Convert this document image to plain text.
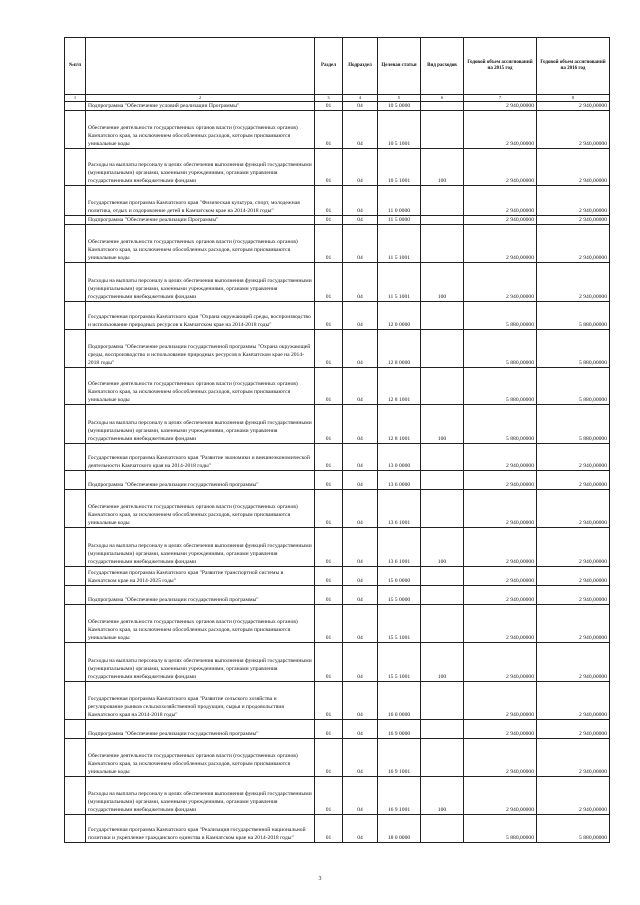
№п/п		Раздел	Подраздел	Целевая статья	Вид расходов	Годовой объем ассигнований на 2015 год	Годовой объем ассигнований на 2016 год
1	2	3	4	5	6	7	8
	Подпрограмма "Обеспечение условий реализации Программы"	01	04	10 5 0000		2 940,00000	2 940,00000
	Обеспечение деятельности государственных органов власти (государственных органов) Камчатского края, за исключением обособленных расходов, которым присваиваются уникальные коды	01	04	10 5 1001		2 940,00000	2 940,00000
	Расходы на выплаты персоналу в целях обеспечения выполнения функций государственными (муниципальными) органами, казенными учреждениями, органами управления государственными внебюджетными фондами	01	04	10 5 1001	100	2 940,00000	2 940,00000
	Государственная программа Камчатского края "Физическая культура, спорт, молодежная политика, отдых и оздоровление детей в Камчатском крае на 2014-2018 годы"	01	04	11 0 0000		2 940,00000	2 940,00000
	Подпрограмма "Обеспечение реализации Программы"	01	04	11 5 0000		2 940,00000	2 940,00000
	Обеспечение деятельности государственных органов власти (государственных органов) Камчатского края, за исключением обособленных расходов, которым присваиваются уникальные коды	01	04	11 5 1001		2 940,00000	2 940,00000
	Расходы на выплаты персоналу в целях обеспечения выполнения функций государственными (муниципальными) органами, казенными учреждениями, органами управления государственными внебюджетными фондами	01	04	11 5 1001	100	2 940,00000	2 940,00000
	Государственная программа Камчатского края "Охрана окружающей среды, воспроизводство и использование природных ресурсов в Камчатском крае на 2014-2018 годы"	01	04	12 0 0000		5 880,00000	5 880,00000
	Подпрограмма "Обеспечение реализации государственной программы "Охрана окружающей среды, воспроизводство и использование природных ресурсов в Камчатском крае на 2014-2018 годы"	01	04	12 8 0000		5 880,00000	5 880,00000
	Обеспечение деятельности государственных органов власти (государственных органов) Камчатского края, за исключением обособленных расходов, которым присваиваются уникальные коды	01	04	12 8 1001		5 880,00000	5 880,00000
	Расходы на выплаты персоналу в целях обеспечения выполнения функций государственными (муниципальными) органами, казенными учреждениями, органами управления государственными внебюджетными фондами	01	04	12 8 1001	100	5 880,00000	5 880,00000
	Государственная программа Камчатского края "Развитие экономики и внешнеэкономической деятельности Камчатского края на 2014-2018 годы"	01	04	13 0 0000		2 940,00000	2 940,00000
	Подпрограмма "Обеспечение реализации государственной программы"	01	04	13 6 0000		2 940,00000	2 940,00000
	Обеспечение деятельности государственных органов власти (государственных органов) Камчатского края, за исключением обособленных расходов, которым присваиваются уникальные коды	01	04	13 6 1001		2 940,00000	2 940,00000
	Расходы на выплаты персоналу в целях обеспечения выполнения функций государственными (муниципальными) органами, казенными учреждениями, органами управления государственными внебюджетными фондами	01	04	13 6 1001	100	2 940,00000	2 940,00000
	Государственная программа Камчатского края "Развитие транспортной системы в Камчатском крае на 2014-2025 годы"	01	04	15 0 0000		2 940,00000	2 940,00000
	Подпрограмма "Обеспечение реализации государственной программы"	01	04	15 5 0000		2 940,00000	2 940,00000
	Обеспечение деятельности государственных органов власти (государственных органов) Камчатского края, за исключением обособленных расходов, которым присваиваются уникальные коды	01	04	15 5 1001		2 940,00000	2 940,00000
	Расходы на выплаты персоналу в целях обеспечения выполнения функций государственными (муниципальными) органами, казенными учреждениями, органами управления государственными внебюджетными фондами	01	04	15 5 1001	100	2 940,00000	2 940,00000
	Государственная программа Камчатского края "Развитие сельского хозяйства и регулирование рынков сельскохозяйственной продукции, сырья и продовольствия Камчатского края на 2014-2018 годы"	01	04	16 0 0000		2 940,00000	2 940,00000
	Подпрограмма "Обеспечение реализации государственной программы"	01	04	16 9 0000		2 940,00000	2 940,00000
	Обеспечение деятельности государственных органов власти (государственных органов) Камчатского края, за исключением обособленных расходов, которым присваиваются уникальные коды	01	04	16 9 1001		2 940,00000	2 940,00000
	Расходы на выплаты персоналу в целях обеспечения выполнения функций государственными (муниципальными) органами, казенными учреждениями, органами управления государственными внебюджетными фондами	01	04	16 9 1001	100	2 940,00000	2 940,00000
	Государственная программа Камчатского края "Реализация государственной национальной политики и укрепление гражданского единства в Камчатском крае на 2014-2018 годы"	01	04	18 0 0000		5 880,00000	5 880,00000
3
